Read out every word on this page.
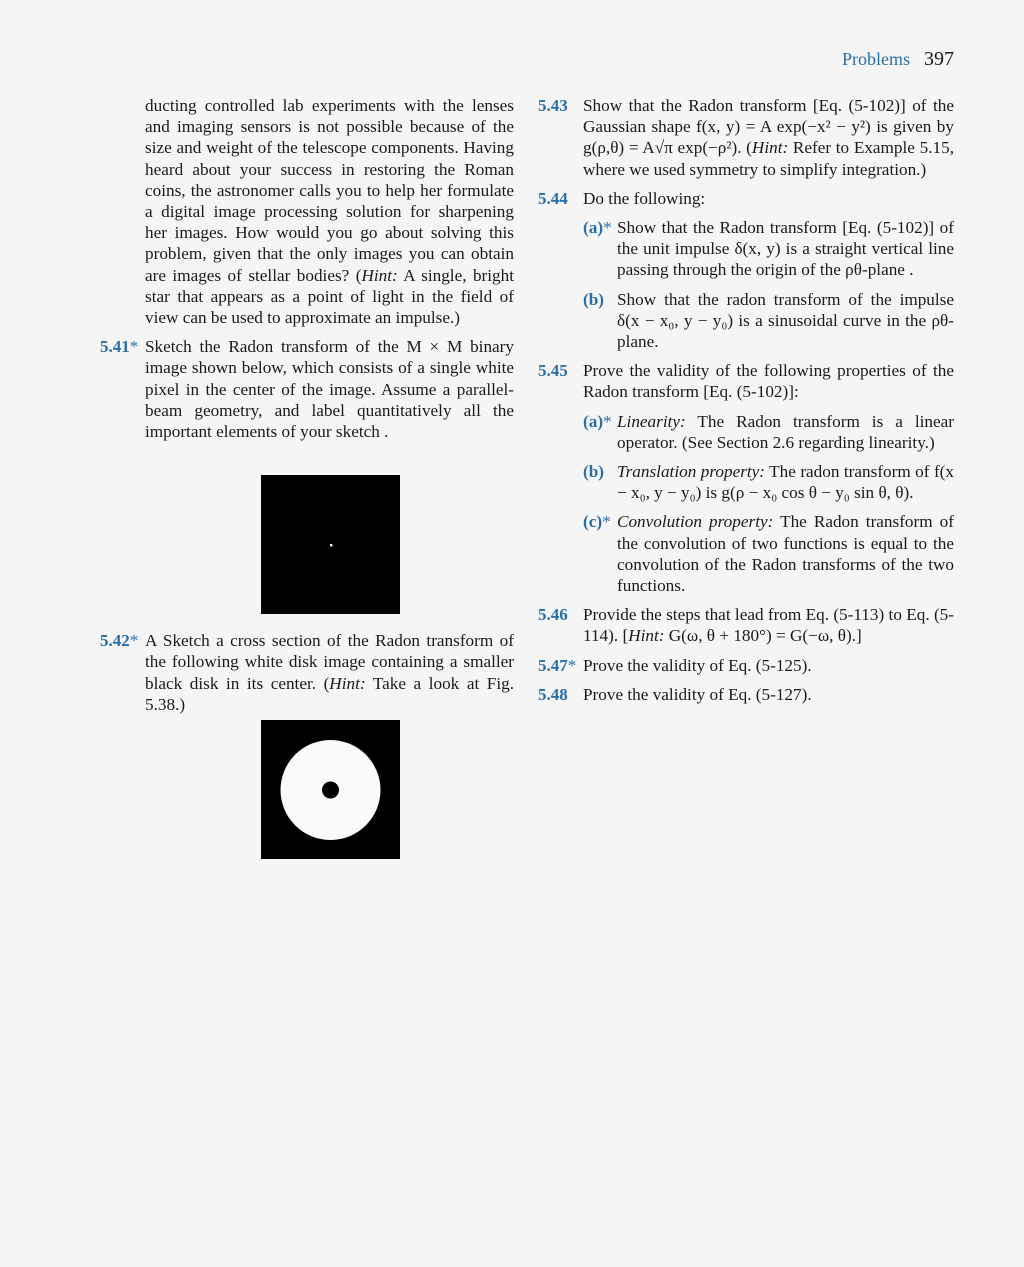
Problems 397

ducting controlled lab experiments with the lenses and imaging sensors is not possible because of the size and weight of the telescope components. Having heard about your success in restoring the Roman coins, the astronomer calls you to help her formulate a digital image processing solution for sharpening her images. How would you go about solving this problem, given that the only images you can obtain are images of stellar bodies? (Hint: A single, bright star that appears as a point of light in the field of view can be used to approximate an impulse.)

5.41* Sketch the Radon transform of the M × M binary image shown below, which consists of a single white pixel in the center of the image. Assume a parallel-beam geometry, and label quantitatively all the important elements of your sketch .
5.42* A Sketch a cross section of the Radon transform of the following white disk image containing a smaller black disk in its center. (Hint: Take a look at Fig. 5.38.)
5.43 Show that the Radon transform [Eq. (5-102)] of the Gaussian shape f(x, y) = A exp(−x² − y²) is given by g(ρ,θ) = A√π exp(−ρ²). (Hint: Refer to Example 5.15, where we used symmetry to simplify integration.)
5.44 Do the following:

(a)* Show that the Radon transform [Eq. (5-102)] of the unit impulse δ(x, y) is a straight vertical line passing through the origin of the ρθ-plane .
(b) Show that the radon transform of the impulse δ(x − x₀, y − y₀) is a sinusoidal curve in the ρθ-plane.
5.45 Prove the validity of the following properties of the Radon transform [Eq. (5-102)]:

(a)* Linearity: The Radon transform is a linear operator. (See Section 2.6 regarding linearity.)
(b) Translation property: The radon transform of f(x − x₀, y − y₀) is g(ρ − x₀ cos θ − y₀ sin θ, θ).
(c)* Convolution property: The Radon transform of the convolution of two functions is equal to the convolution of the Radon transforms of the two functions.
5.46 Provide the steps that lead from Eq. (5-113) to Eq. (5-114). [Hint: G(ω, θ + 180°) = G(−ω, θ).]
5.47* Prove the validity of Eq. (5-125).
5.48 Prove the validity of Eq. (5-127).
